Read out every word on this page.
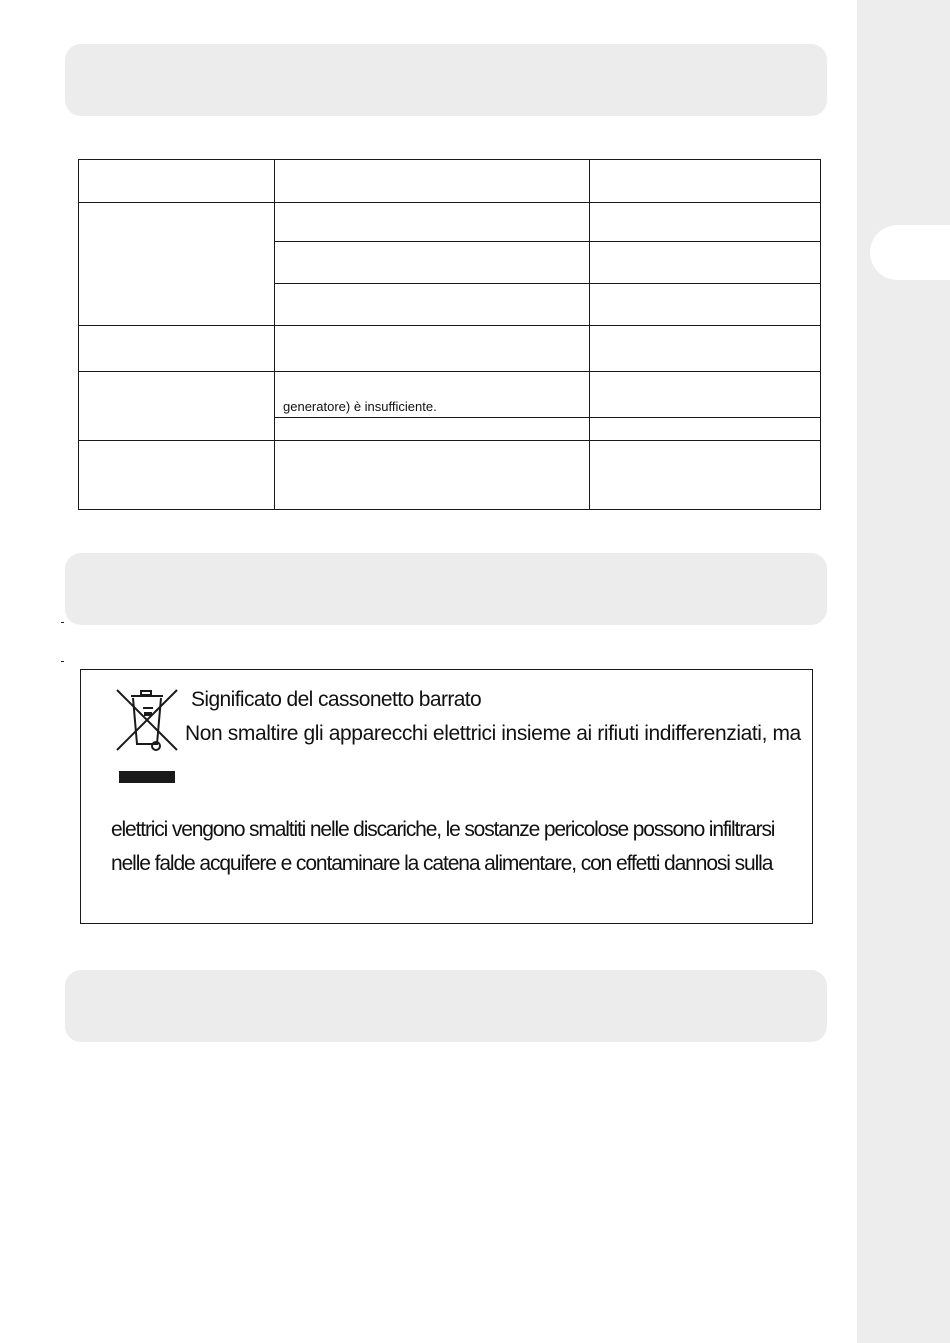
	generatore) è insufficiente.	

Significato del cassonetto barrato
Non smaltire gli apparecchi elettrici insieme ai rifiuti indifferenziati, ma
elettrici vengono smaltiti nelle discariche, le sostanze pericolose possono infiltrarsi
nelle falde acquifere e contaminare la catena alimentare, con effetti dannosi sulla
